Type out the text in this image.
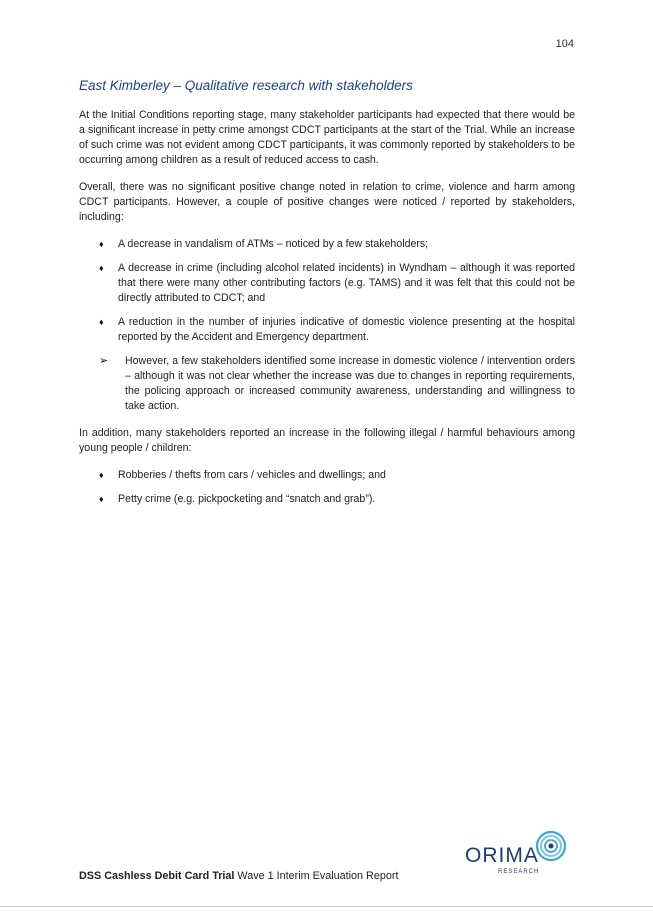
104
East Kimberley – Qualitative research with stakeholders

At the Initial Conditions reporting stage, many stakeholder participants had expected that there would be a significant increase in petty crime amongst CDCT participants at the start of the Trial. While an increase of such crime was not evident among CDCT participants, it was commonly reported by stakeholders to be occurring among children as a result of reduced access to cash.

Overall, there was no significant positive change noted in relation to crime, violence and harm among CDCT participants. However, a couple of positive changes were noticed / reported by stakeholders, including:

♦ A decrease in vandalism of ATMs – noticed by a few stakeholders;
♦ A decrease in crime (including alcohol related incidents) in Wyndham – although it was reported that there were many other contributing factors (e.g. TAMS) and it was felt that this could not be directly attributed to CDCT; and
♦ A reduction in the number of injuries indicative of domestic violence presenting at the hospital reported by the Accident and Emergency department.
➢ However, a few stakeholders identified some increase in domestic violence / intervention orders – although it was not clear whether the increase was due to changes in reporting requirements, the policing approach or increased community awareness, understanding and willingness to take action.

In addition, many stakeholders reported an increase in the following illegal / harmful behaviours among young people / children:

♦ Robberies / thefts from cars / vehicles and dwellings; and
♦ Petty crime (e.g. pickpocketing and “snatch and grab”).
ORIMA
RESEARCH
DSS Cashless Debit Card Trial Wave 1 Interim Evaluation Report
